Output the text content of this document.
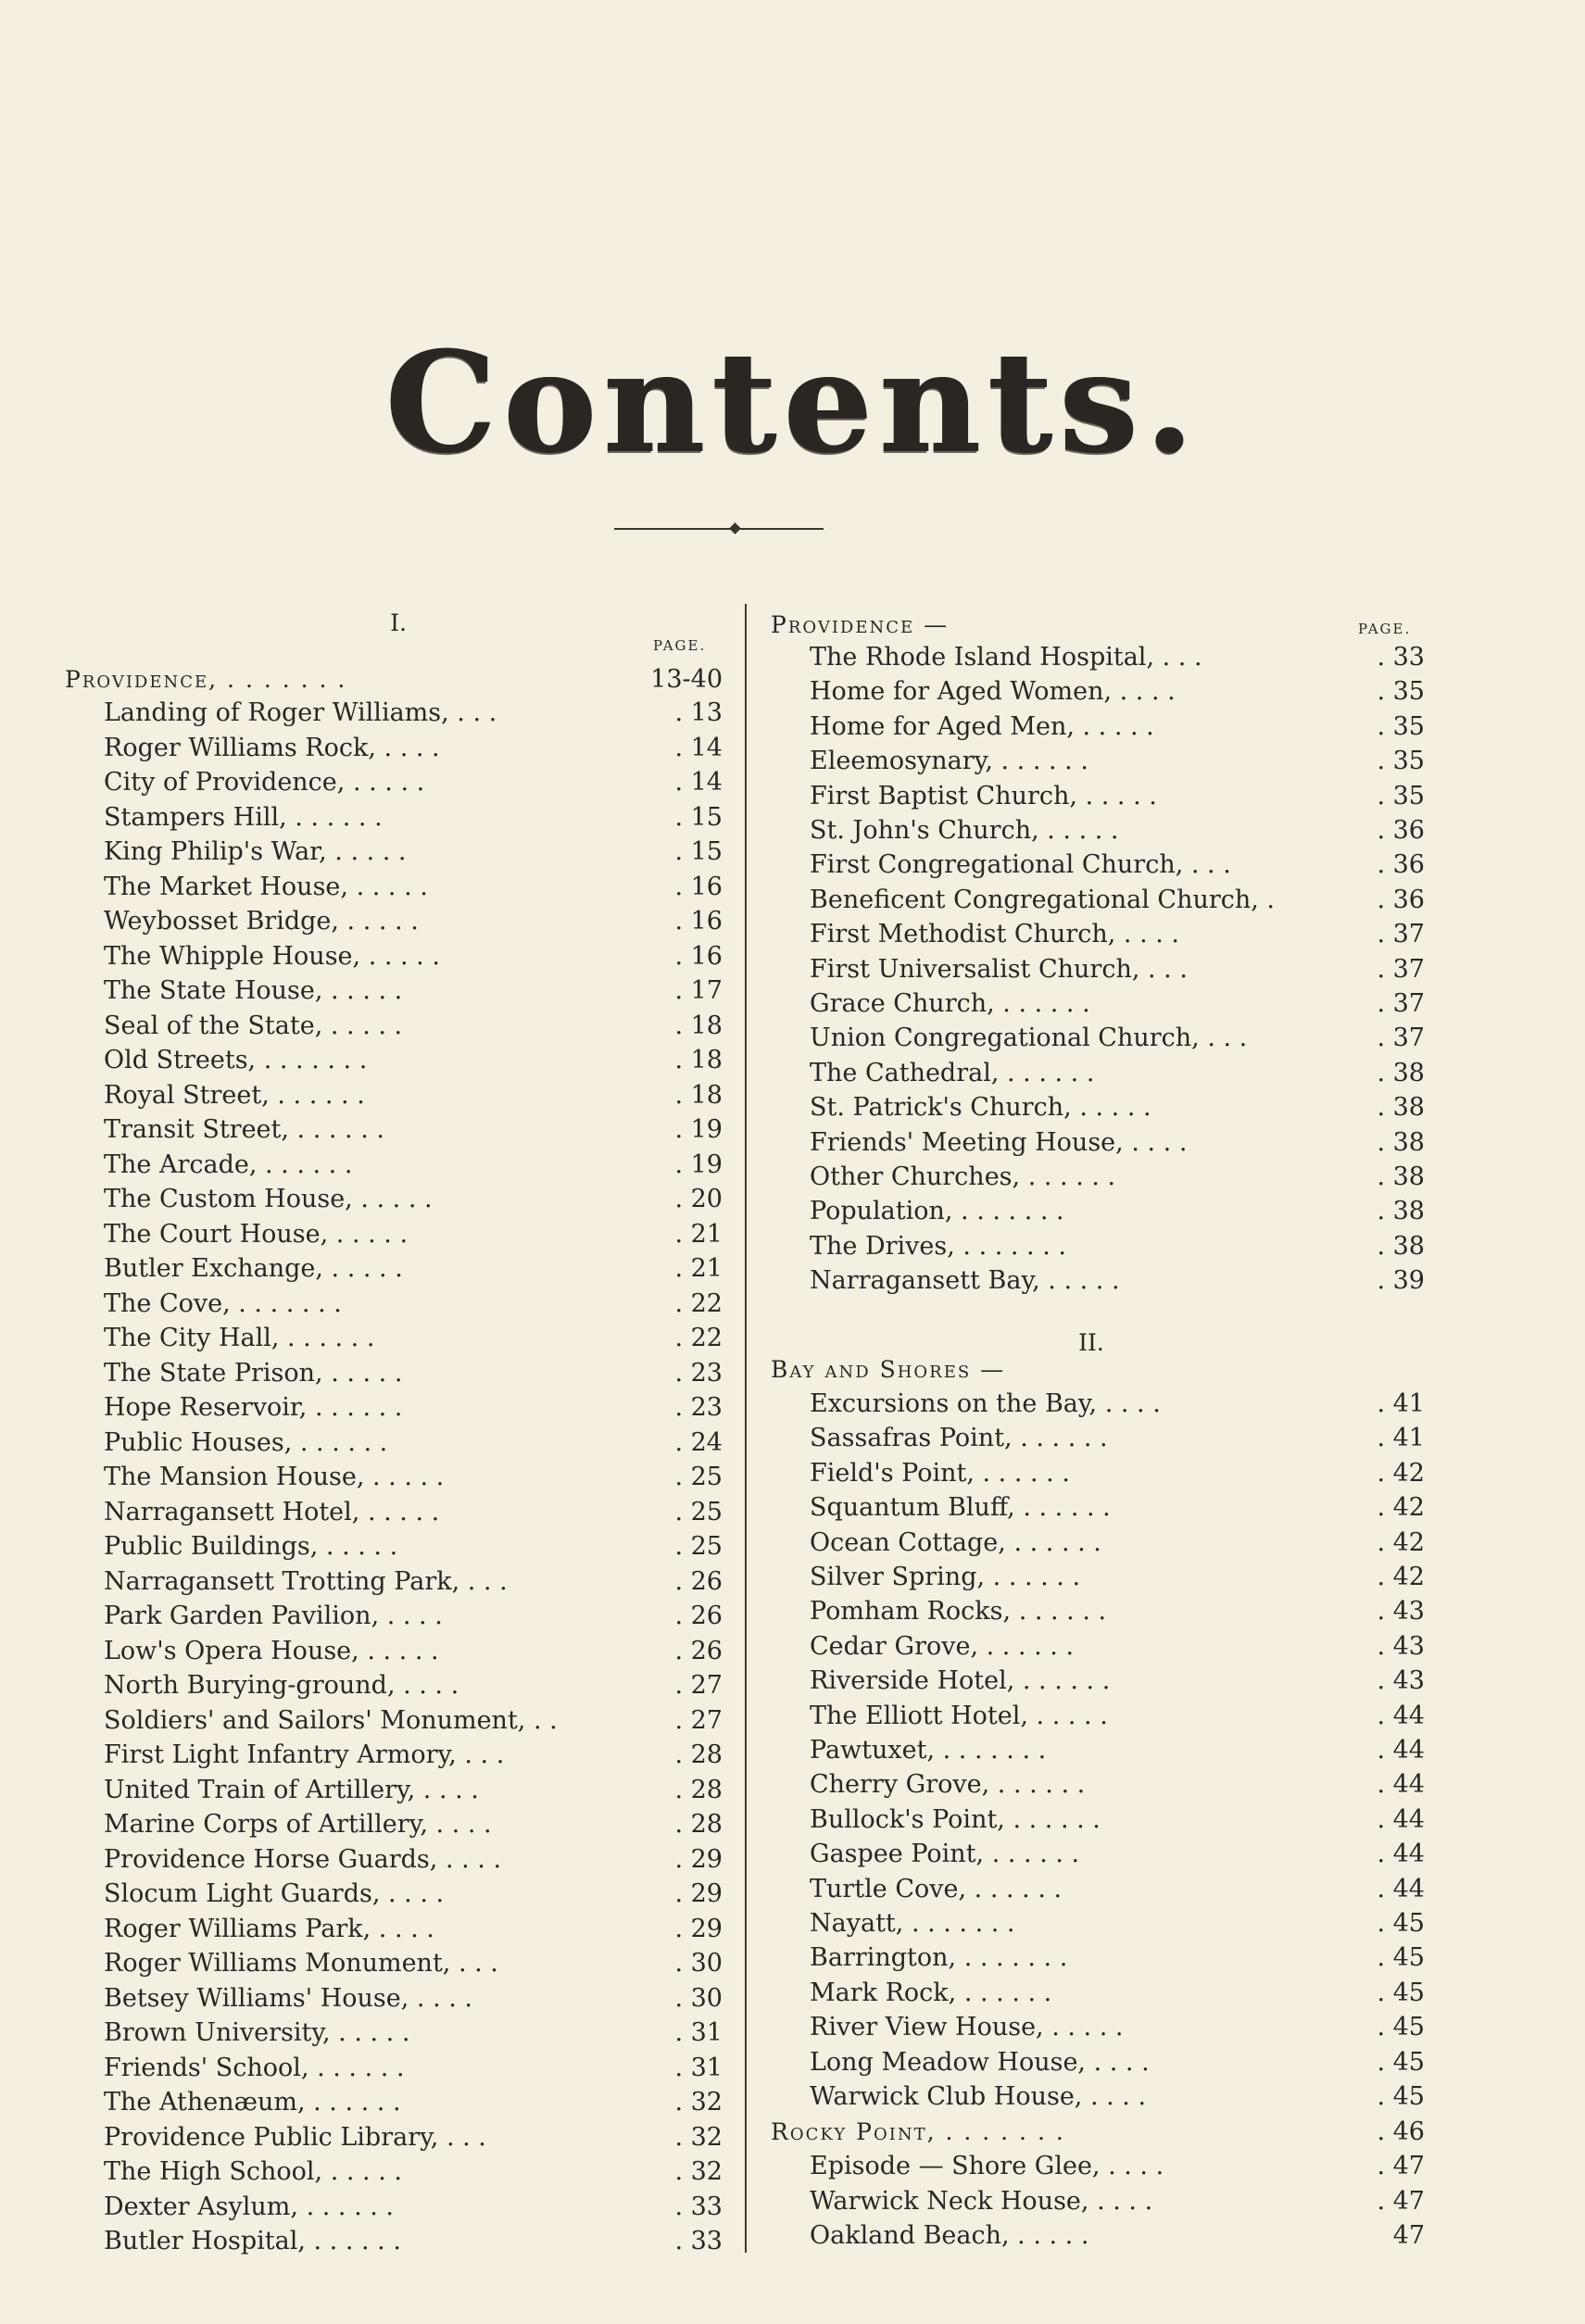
Contents.
I.
PAGE.
Providence, . . . . . . .	13-40
Landing of Roger Williams, . . .	. 13
Roger Williams Rock, . . . .	. 14
City of Providence, . . . . .	. 14
Stampers Hill, . . . . . .	. 15
King Philip's War, . . . . .	. 15
The Market House, . . . . .	. 16
Weybosset Bridge, . . . . .	. 16
The Whipple House, . . . . .	. 16
The State House, . . . . .	. 17
Seal of the State, . . . . .	. 18
Old Streets, . . . . . . .	. 18
Royal Street, . . . . . .	. 18
Transit Street, . . . . . .	. 19
The Arcade, . . . . . .	. 19
The Custom House, . . . . .	. 20
The Court House, . . . . .	. 21
Butler Exchange, . . . . .	. 21
The Cove, . . . . . . .	. 22
The City Hall, . . . . . .	. 22
The State Prison, . . . . .	. 23
Hope Reservoir, . . . . . .	. 23
Public Houses, . . . . . .	. 24
The Mansion House, . . . . .	. 25
Narragansett Hotel, . . . . .	. 25
Public Buildings, . . . . .	. 25
Narragansett Trotting Park, . . .	. 26
Park Garden Pavilion, . . . .	. 26
Low's Opera House, . . . . .	. 26
North Burying-ground, . . . .	. 27
Soldiers' and Sailors' Monument, . .	. 27
First Light Infantry Armory, . . .	. 28
United Train of Artillery, . . . .	. 28
Marine Corps of Artillery, . . . .	. 28
Providence Horse Guards, . . . .	. 29
Slocum Light Guards, . . . .	. 29
Roger Williams Park, . . . .	. 29
Roger Williams Monument, . . .	. 30
Betsey Williams' House, . . . .	. 30
Brown University, . . . . .	. 31
Friends' School, . . . . . .	. 31
The Athenæum, . . . . . .	. 32
Providence Public Library, . . .	. 32
The High School, . . . . .	. 32
Dexter Asylum, . . . . . .	. 33
Butler Hospital, . . . . . .	. 33
Providence —	PAGE.
The Rhode Island Hospital, . . .	. 33
Home for Aged Women, . . . .	. 35
Home for Aged Men, . . . . .	. 35
Eleemosynary, . . . . . .	. 35
First Baptist Church, . . . . .	. 35
St. John's Church, . . . . .	. 36
First Congregational Church, . . .	. 36
Beneficent Congregational Church, .	. 36
First Methodist Church, . . . .	. 37
First Universalist Church, . . .	. 37
Grace Church, . . . . . .	. 37
Union Congregational Church, . . .	. 37
The Cathedral, . . . . . .	. 38
St. Patrick's Church, . . . . .	. 38
Friends' Meeting House, . . . .	. 38
Other Churches, . . . . . .	. 38
Population, . . . . . . .	. 38
The Drives, . . . . . . .	. 38
Narragansett Bay, . . . . .	. 39
II.
Bay and Shores —
Excursions on the Bay, . . . .	. 41
Sassafras Point, . . . . . .	. 41
Field's Point, . . . . . .	. 42
Squantum Bluff, . . . . . .	. 42
Ocean Cottage, . . . . . .	. 42
Silver Spring, . . . . . .	. 42
Pomham Rocks, . . . . . .	. 43
Cedar Grove, . . . . . .	. 43
Riverside Hotel, . . . . . .	. 43
The Elliott Hotel, . . . . .	. 44
Pawtuxet, . . . . . . .	. 44
Cherry Grove, . . . . . .	. 44
Bullock's Point, . . . . . .	. 44
Gaspee Point, . . . . . .	. 44
Turtle Cove, . . . . . .	. 44
Nayatt, . . . . . . .	. 45
Barrington, . . . . . . .	. 45
Mark Rock, . . . . . .	. 45
River View House, . . . . .	. 45
Long Meadow House, . . . .	. 45
Warwick Club House, . . . .	. 45
Rocky Point, . . . . . . .	. 46
Episode — Shore Glee, . . . .	. 47
Warwick Neck House, . . . .	. 47
Oakland Beach, . . . . .	47
